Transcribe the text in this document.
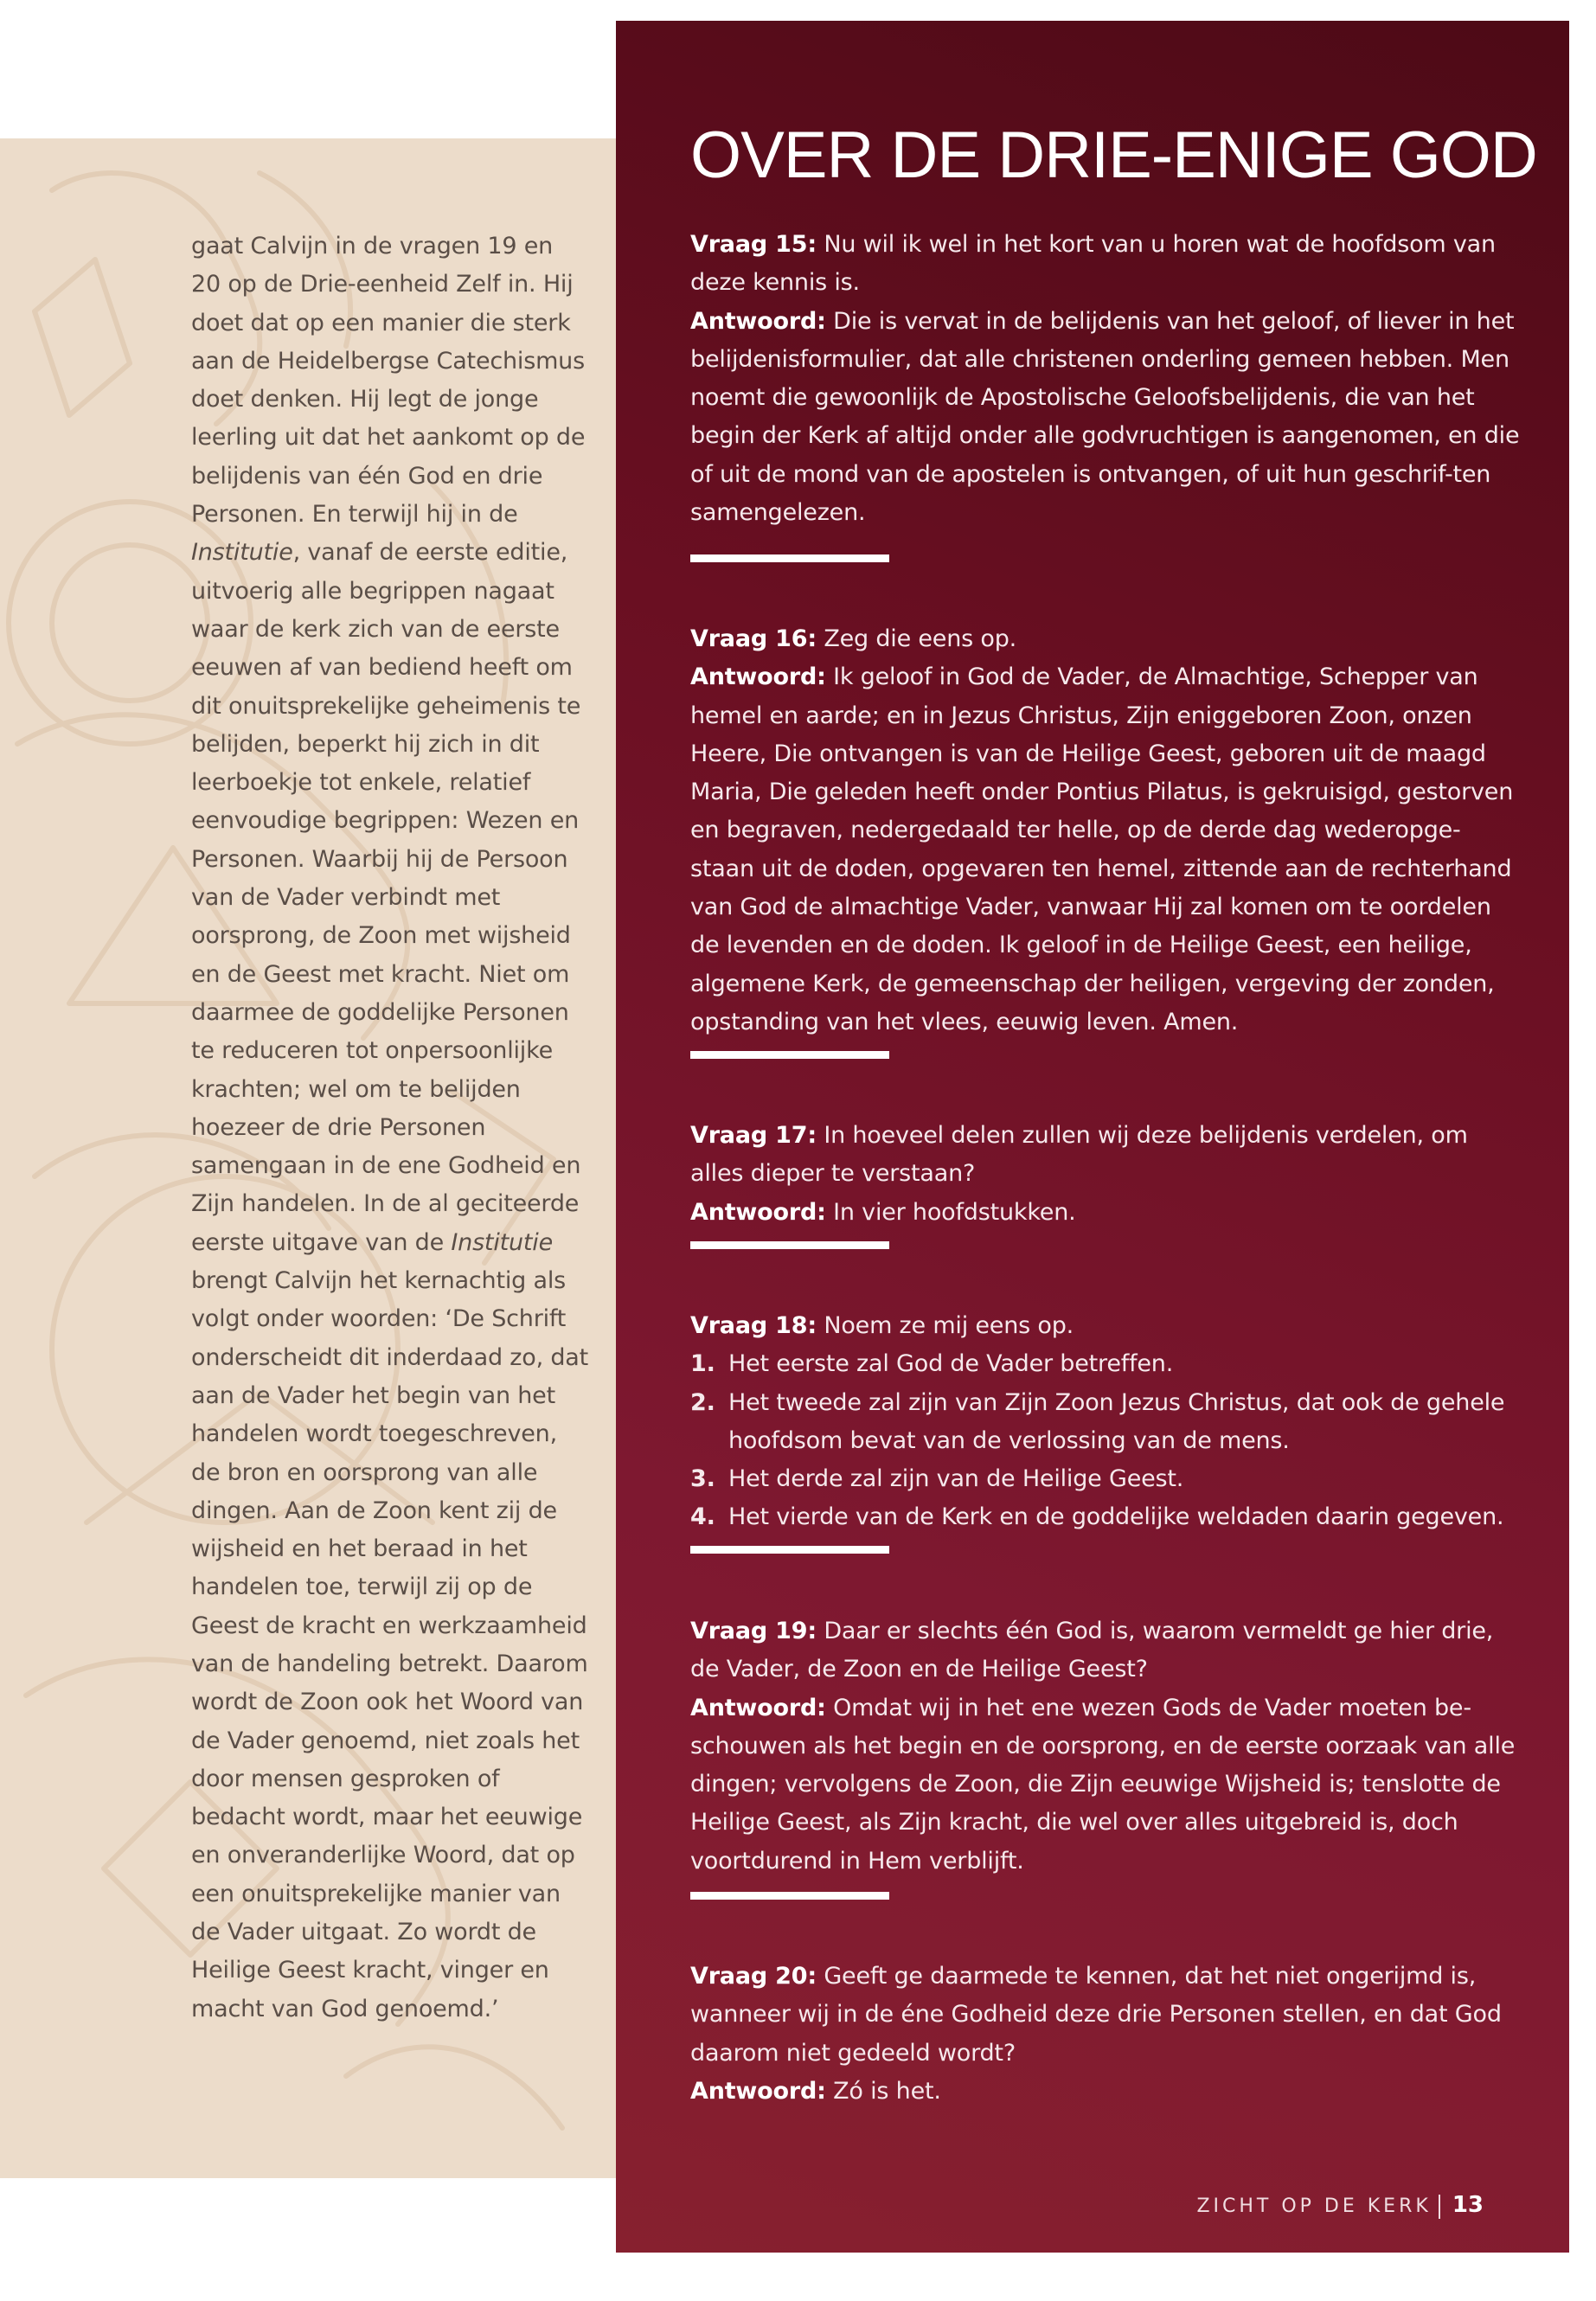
gaat Calvijn in de vragen 19 en 20 op de Drie-eenheid Zelf in. Hij doet dat op een manier die sterk aan de Heidelbergse Catechismus doet denken. Hij legt de jonge leerling uit dat het aankomt op de belijdenis van één God en drie Personen. En terwijl hij in de Institutie, vanaf de eerste editie, uitvoerig alle begrippen nagaat waar de kerk zich van de eerste eeuwen af van bediend heeft om dit onuitsprekelijke geheimenis te belijden, beperkt hij zich in dit leerboekje tot enkele, relatief eenvoudige begrippen: Wezen en Personen. Waarbij hij de Persoon van de Vader verbindt met oorsprong, de Zoon met wijsheid en de Geest met kracht. Niet om daarmee de goddelijke Personen te reduceren tot onpersoonlijke krachten; wel om te belijden hoezeer de drie Personen samengaan in de ene Godheid en Zijn handelen. In de al geciteerde eerste uitgave van de Institutie brengt Calvijn het kernachtig als volgt onder woorden: ‘De Schrift onderscheidt dit inderdaad zo, dat aan de Vader het begin van het handelen wordt toegeschreven, de bron en oorsprong van alle dingen. Aan de Zoon kent zij de wijsheid en het beraad in het handelen toe, terwijl zij op de Geest de kracht en werkzaamheid van de handeling betrekt. Daarom wordt de Zoon ook het Woord van de Vader genoemd, niet zoals het door mensen gesproken of bedacht wordt, maar het eeuwige en onveranderlijke Woord, dat op een onuitsprekelijke manier van de Vader uitgaat. Zo wordt de Heilige Geest kracht, vinger en macht van God genoemd.’

OVER DE DRIE-ENIGE GOD

Vraag 15: Nu wil ik wel in het kort van u horen wat de hoofdsom van deze kennis is.

Antwoord: Die is vervat in de belijdenis van het geloof, of liever in het belijdenisformulier, dat alle christenen onderling gemeen hebben. Men noemt die gewoonlijk de Apostolische Geloofsbelijdenis, die van het begin der Kerk af altijd onder alle godvruchtigen is aangenomen, en die of uit de mond van de apostelen is ontvangen, of uit hun geschrif-ten samengelezen.

Vraag 16: Zeg die eens op.

Antwoord: Ik geloof in God de Vader, de Almachtige, Schepper van hemel en aarde; en in Jezus Christus, Zijn eniggeboren Zoon, onzen Heere, Die ontvangen is van de Heilige Geest, geboren uit de maagd Maria, Die geleden heeft onder Pontius Pilatus, is gekruisigd, gestorven en begraven, nedergedaald ter helle, op de derde dag wederopge-staan uit de doden, opgevaren ten hemel, zittende aan de rechterhand van God de almachtige Vader, vanwaar Hij zal komen om te oordelen de levenden en de doden. Ik geloof in de Heilige Geest, een heilige, algemene Kerk, de gemeenschap der heiligen, vergeving der zonden, opstanding van het vlees, eeuwig leven. Amen.

Vraag 17: In hoeveel delen zullen wij deze belijdenis verdelen, om alles dieper te verstaan?

Antwoord: In vier hoofdstukken.

Vraag 18: Noem ze mij eens op.

1. Het eerste zal God de Vader betreffen.
2. Het tweede zal zijn van Zijn Zoon Jezus Christus, dat ook de gehele hoofdsom bevat van de verlossing van de mens.
3. Het derde zal zijn van de Heilige Geest.
4. Het vierde van de Kerk en de goddelijke weldaden daarin gegeven.

Vraag 19: Daar er slechts één God is, waarom vermeldt ge hier drie, de Vader, de Zoon en de Heilige Geest?

Antwoord: Omdat wij in het ene wezen Gods de Vader moeten be-schouwen als het begin en de oorsprong, en de eerste oorzaak van alle dingen; vervolgens de Zoon, die Zijn eeuwige Wijsheid is; tenslotte de Heilige Geest, als Zijn kracht, die wel over alles uitgebreid is, doch voortdurend in Hem verblijft.

Vraag 20: Geeft ge daarmede te kennen, dat het niet ongerijmd is, wanneer wij in de éne Godheid deze drie Personen stellen, en dat God daarom niet gedeeld wordt?

Antwoord: Zó is het.

ZICHT OP DE KERK 13
